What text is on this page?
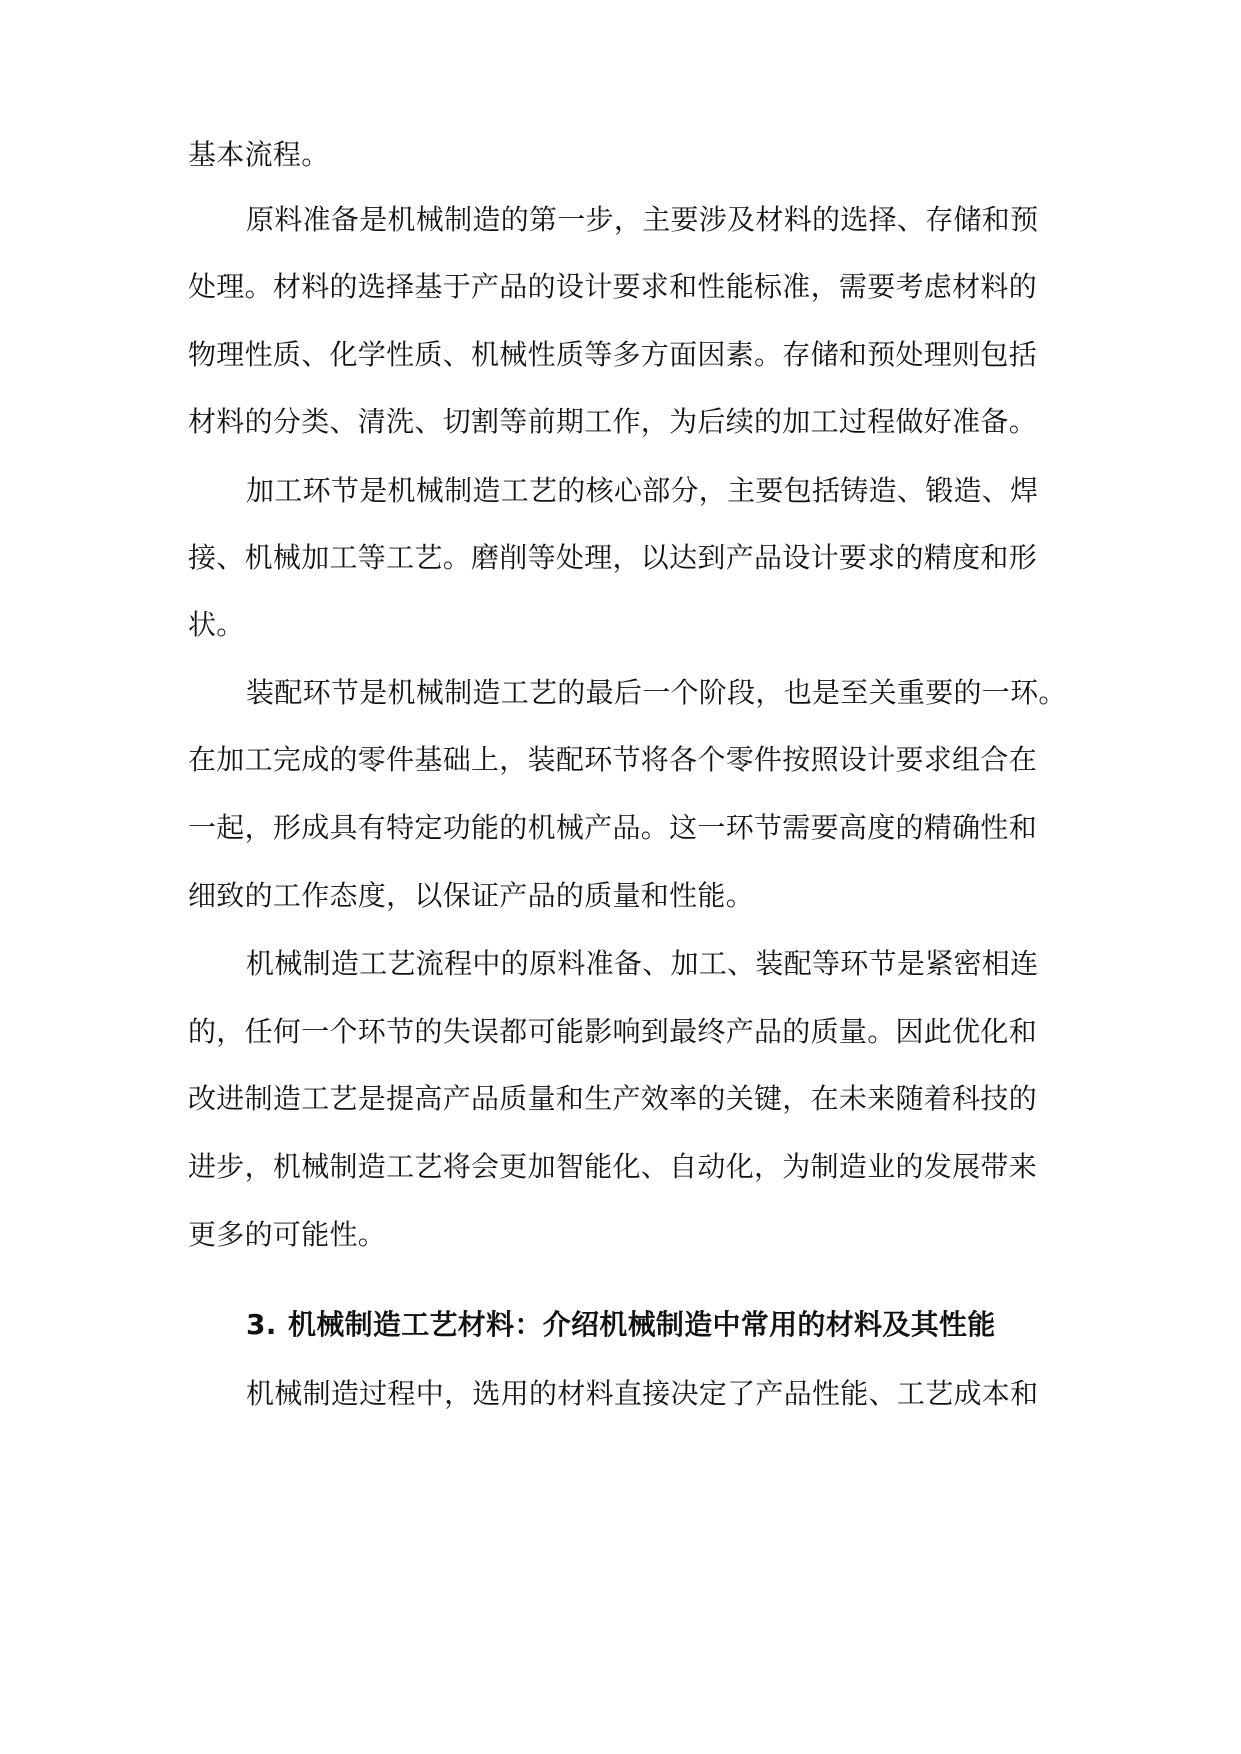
基本流程。
原料准备是机械制造的第一步，主要涉及材料的选择、存储和预
处理。材料的选择基于产品的设计要求和性能标准，需要考虑材料的
物理性质、化学性质、机械性质等多方面因素。存储和预处理则包括
材料的分类、清洗、切割等前期工作，为后续的加工过程做好准备。
加工环节是机械制造工艺的核心部分，主要包括铸造、锻造、焊
接、机械加工等工艺。磨削等处理，以达到产品设计要求的精度和形
状。
装配环节是机械制造工艺的最后一个阶段，也是至关重要的一环。
在加工完成的零件基础上，装配环节将各个零件按照设计要求组合在
一起，形成具有特定功能的机械产品。这一环节需要高度的精确性和
细致的工作态度，以保证产品的质量和性能。
机械制造工艺流程中的原料准备、加工、装配等环节是紧密相连
的，任何一个环节的失误都可能影响到最终产品的质量。因此优化和
改进制造工艺是提高产品质量和生产效率的关键，在未来随着科技的
进步，机械制造工艺将会更加智能化、自动化，为制造业的发展带来
更多的可能性。
3. 机械制造工艺材料：介绍机械制造中常用的材料及其性能
机械制造过程中，选用的材料直接决定了产品性能、工艺成本和
